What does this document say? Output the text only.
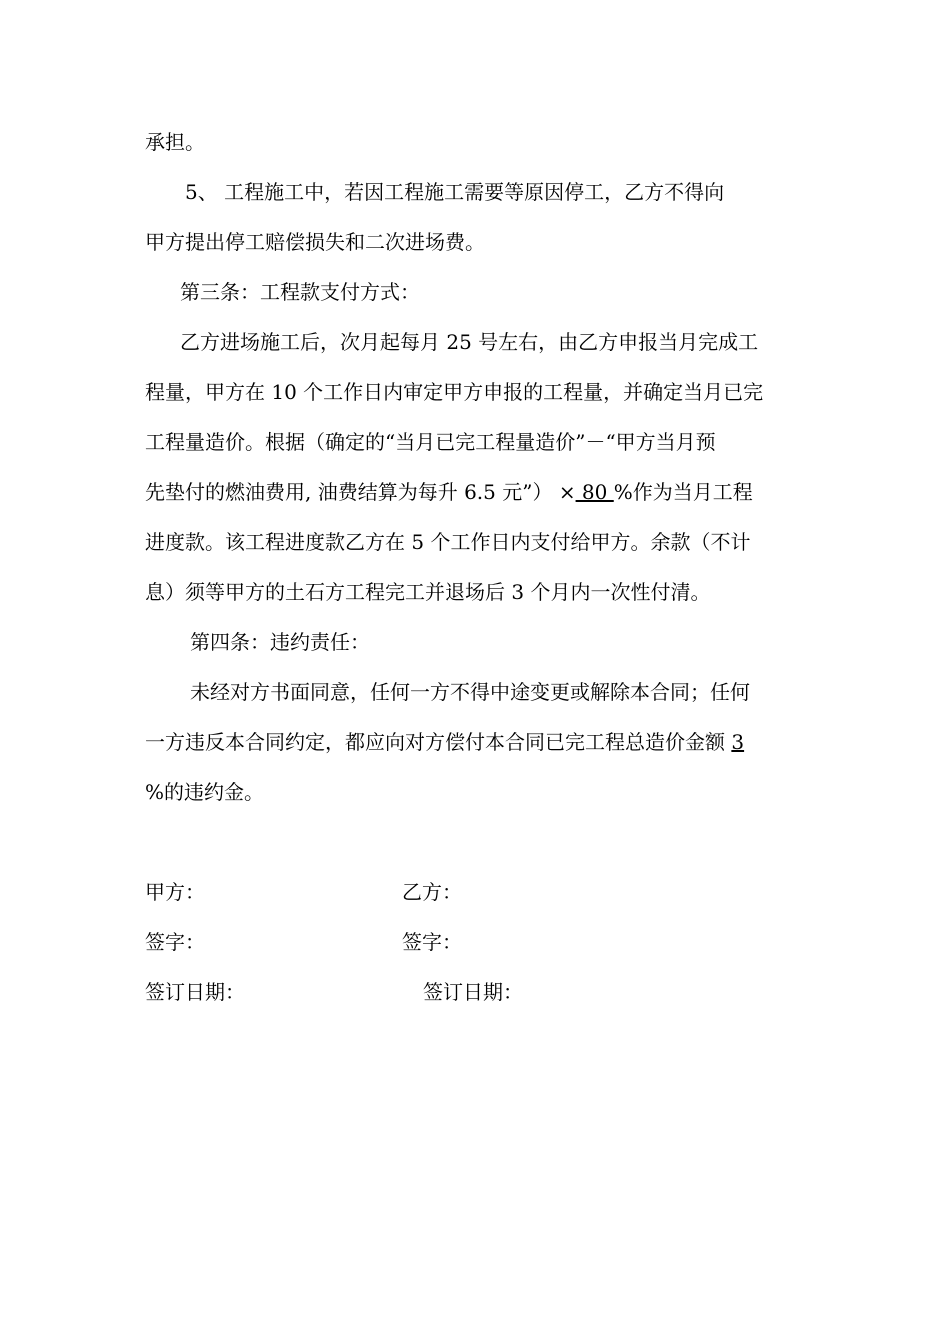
承担。
5、 工程施工中，若因工程施工需要等原因停工，乙方不得向
甲方提出停工赔偿损失和二次进场费。
第三条：工程款支付方式：
乙方进场施工后，次月起每月 25 号左右，由乙方申报当月完成工
程量，甲方在 10 个工作日内审定甲方申报的工程量，并确定当月已完
工程量造价。根据（确定的“当月已完工程量造价”－“甲方当月预
先垫付的燃油费用, 油费结算为每升 6.5 元”） × 80 %作为当月工程
进度款。该工程进度款乙方在 5 个工作日内支付给甲方。余款（不计
息）须等甲方的土石方工程完工并退场后 3 个月内一次性付清。
第四条：违约责任：
未经对方书面同意，任何一方不得中途变更或解除本合同；任何
一方违反本合同约定，都应向对方偿付本合同已完工程总造价金额 3
%的违约金。
甲方：	乙方：
签字：	签字：
签订日期：	签订日期：
